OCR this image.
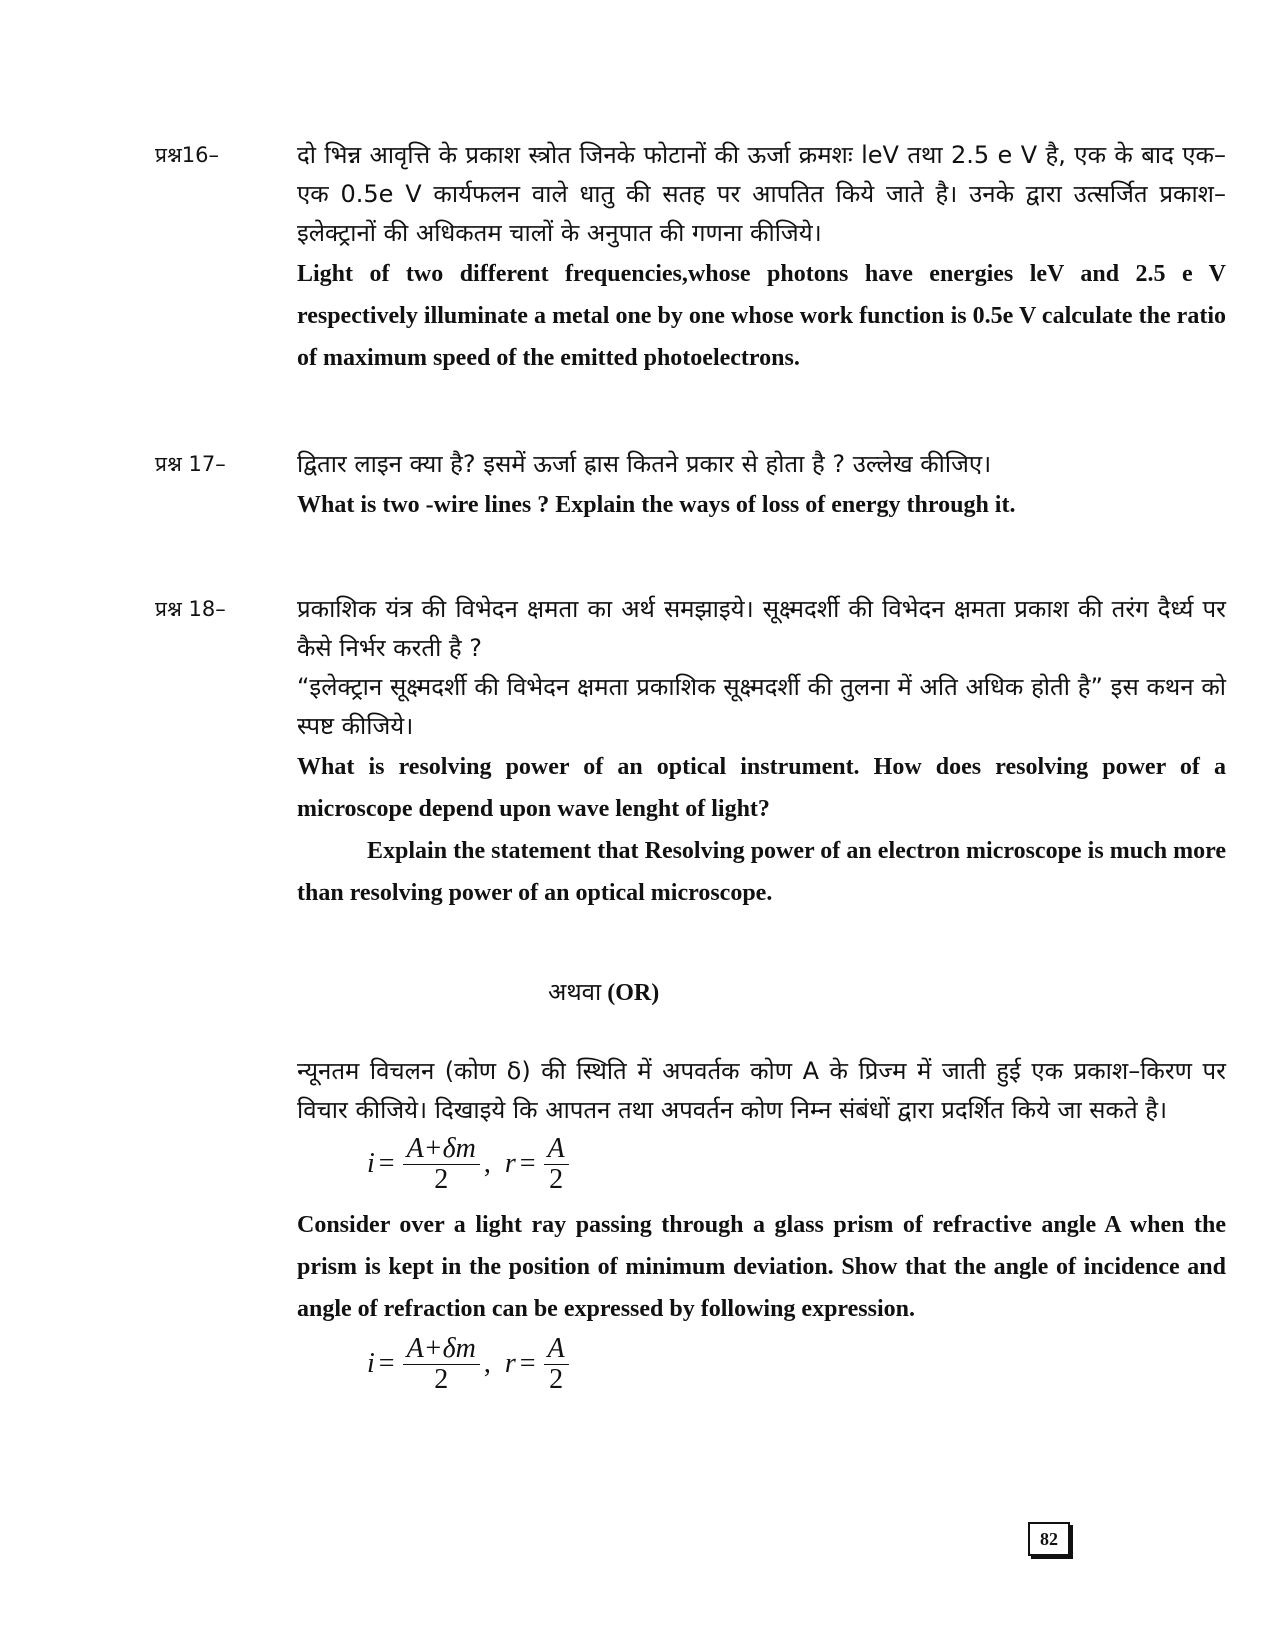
प्रश्न16–	दो भिन्न आवृत्ति के प्रकाश स्त्रोत जिनके फोटानों की ऊर्जा क्रमशः leV तथा 2.5 e V है, एक के बाद एक–एक 0.5e V कार्यफलन वाले धातु की सतह पर आपतित किये जाते है। उनके द्वारा उत्सर्जित प्रकाश–इलेक्ट्रानों की अधिकतम चालों के अनुपात की गणना कीजिये।

Light of two different frequencies,whose photons have energies leV and 2.5 e V respectively illuminate a metal one by one whose work function is 0.5e V calculate the ratio of maximum speed of the emitted photoelectrons.

प्रश्न 17–	द्वितार लाइन क्या है? इसमें ऊर्जा ह्रास कितने प्रकार से होता है ? उल्लेख कीजिए।

What is two -wire lines ? Explain the ways of loss of energy through it.

प्रश्न 18–	प्रकाशिक यंत्र की विभेदन क्षमता का अर्थ समझाइये। सूक्ष्मदर्शी की विभेदन क्षमता प्रकाश की तरंग दैर्ध्य पर कैसे निर्भर करती है ?

“इलेक्ट्रान सूक्ष्मदर्शी की विभेदन क्षमता प्रकाशिक सूक्ष्मदर्शी की तुलना में अति अधिक होती है” इस कथन को स्पष्ट कीजिये।

What is resolving power of an optical instrument. How does resolving power of a microscope depend upon wave lenght of light?

Explain the statement that Resolving power of an electron microscope is much more than resolving power of an optical microscope.

अथवा (OR)

न्यूनतम विचलन (कोण δ) की स्थिति में अपवर्तक कोण A के प्रिज्म में जाती हुई एक प्रकाश–किरण पर विचार कीजिये। दिखाइये कि आपतन तथा अपवर्तन कोण निम्न संबंधों द्वारा प्रदर्शित किये जा सकते है।

$i = \frac{A+\delta m}{2}$ , $r = \frac{A}{2}$

Consider over a light ray passing through a glass prism of refractive angle A when the prism is kept in the position of minimum deviation. Show that the angle of incidence and angle of refraction can be expressed by following expression.

$i = \frac{A+\delta m}{2}$ , $r = \frac{A}{2}$
82
